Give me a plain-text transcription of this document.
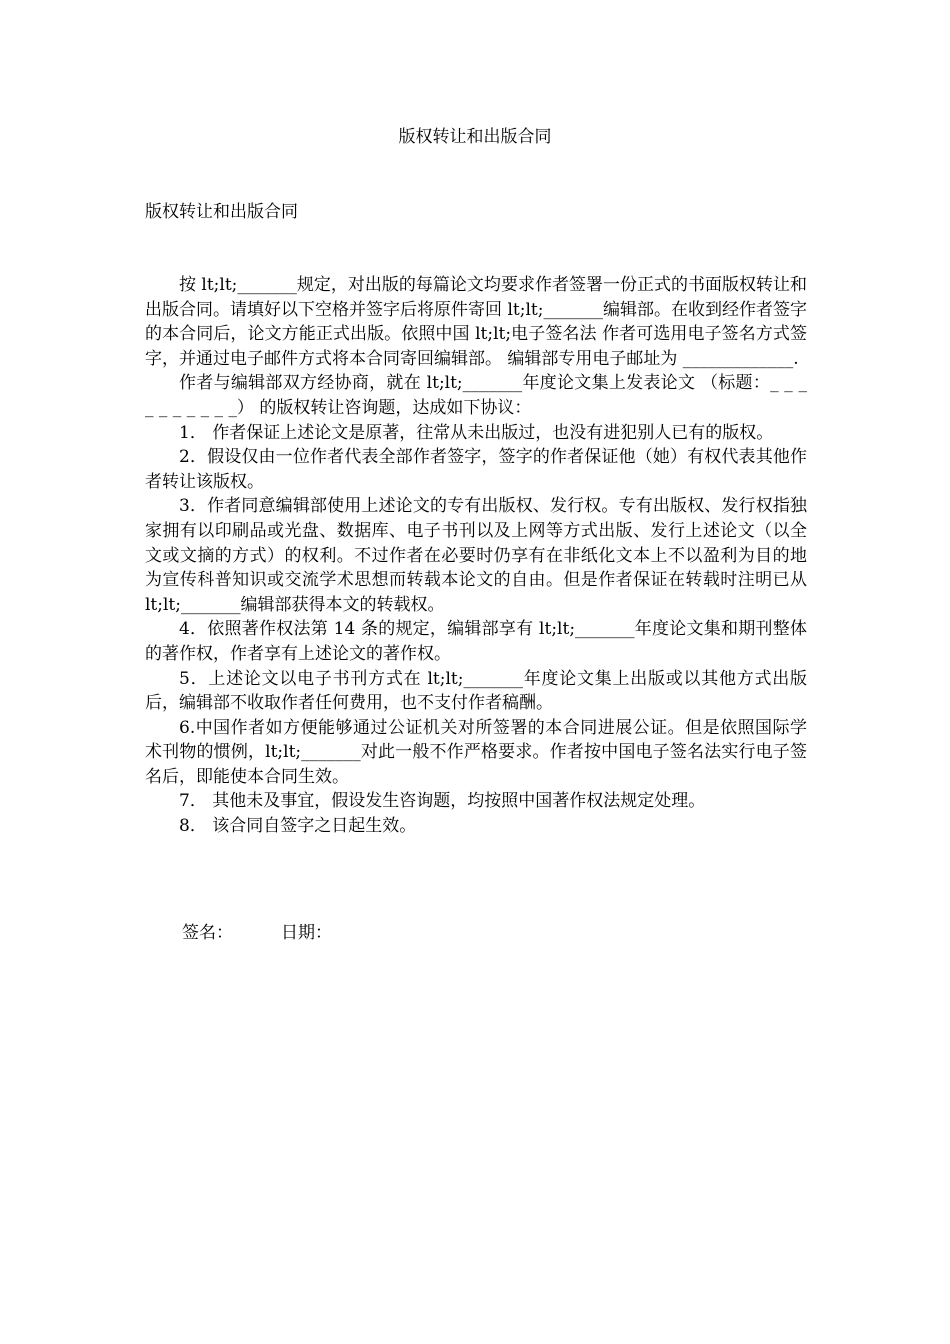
版权转让和出版合同
版权转让和出版合同

按 lt;lt;_______规定，对出版的每篇论文均要求作者签署一份正式的书面版权转让和出版合同。请填好以下空格并签字后将原件寄回 lt;lt;_______编辑部。在收到经作者签字的本合同后，论文方能正式出版。依照中国 lt;lt;电子签名法 作者可选用电子签名方式签字，并通过电子邮件方式将本合同寄回编辑部。 编辑部专用电子邮址为 _____________.

作者与编辑部双方经协商，就在 lt;lt;_______年度论文集上发表论文 （标题：_ _ _ _ _ _ _ _ _ _） 的版权转让咨询题，达成如下协议：

1． 作者保证上述论文是原著，往常从未出版过，也没有进犯别人已有的版权。

2．假设仅由一位作者代表全部作者签字，签字的作者保证他（她）有权代表其他作者转让该版权。

3．作者同意编辑部使用上述论文的专有出版权、发行权。专有出版权、发行权指独家拥有以印刷品或光盘、数据库、电子书刊以及上网等方式出版、发行上述论文（以全文或文摘的方式）的权利。不过作者在必要时仍享有在非纸化文本上不以盈利为目的地为宣传科普知识或交流学术思想而转载本论文的自由。但是作者保证在转载时注明已从 lt;lt;_______编辑部获得本文的转载权。

4．依照著作权法第 14 条的规定，编辑部享有 lt;lt;_______年度论文集和期刊整体的著作权，作者享有上述论文的著作权。

5．上述论文以电子书刊方式在 lt;lt;_______年度论文集上出版或以其他方式出版后，编辑部不收取作者任何费用，也不支付作者稿酬。

6.中国作者如方便能够通过公证机关对所签署的本合同进展公证。但是依照国际学术刊物的惯例，lt;lt;_______对此一般不作严格要求。作者按中国电子签名法实行电子签名后，即能使本合同生效。

7． 其他未及事宜，假设发生咨询题，均按照中国著作权法规定处理。

8． 该合同自签字之日起生效。

签名：	日期：
